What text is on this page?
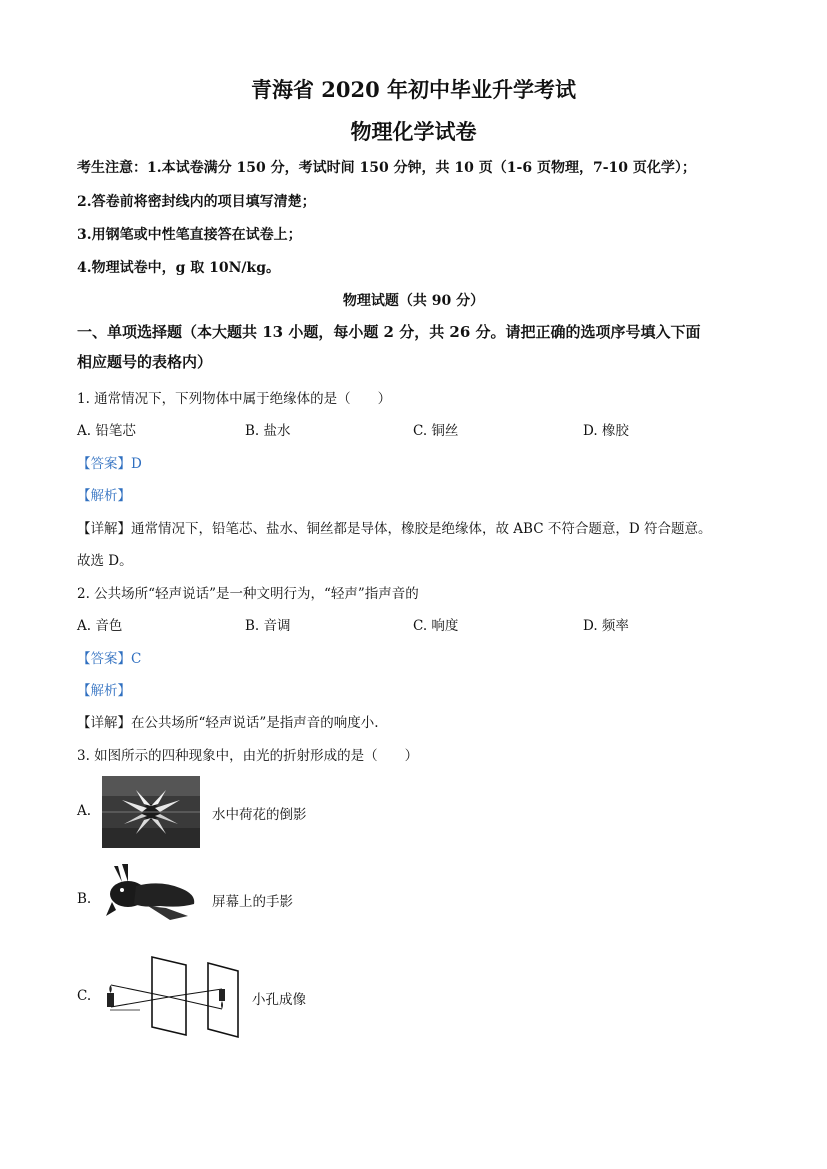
青海省 2020 年初中毕业升学考试
物理化学试卷
考生注意：1.本试卷满分 150 分，考试时间 150 分钟，共 10 页（1-6 页物理，7-10 页化学）；
2.答卷前将密封线内的项目填写清楚；
3.用钢笔或中性笔直接答在试卷上；
4.物理试卷中，g 取 10N/kg。
物理试题（共 90 分）
一、单项选择题（本大题共 13 小题，每小题 2 分，共 26 分。请把正确的选项序号填入下面
相应题号的表格内）
1. 通常情况下，下列物体中属于绝缘体的是（　　）
A. 铅笔芯	B. 盐水	C. 铜丝	D. 橡胶
【答案】D
【解析】
【详解】通常情况下，铅笔芯、盐水、铜丝都是导体，橡胶是绝缘体，故 ABC 不符合题意，D 符合题意。
故选 D。
2. 公共场所“轻声说话”是一种文明行为，“轻声”指声音的
A. 音色	B. 音调	C. 响度	D. 频率
【答案】C
【解析】
【详解】在公共场所“轻声说话”是指声音的响度小.
3. 如图所示的四种现象中，由光的折射形成的是（　　）
A.	水中荷花的倒影
B.	屏幕上的手影
C.	小孔成像
